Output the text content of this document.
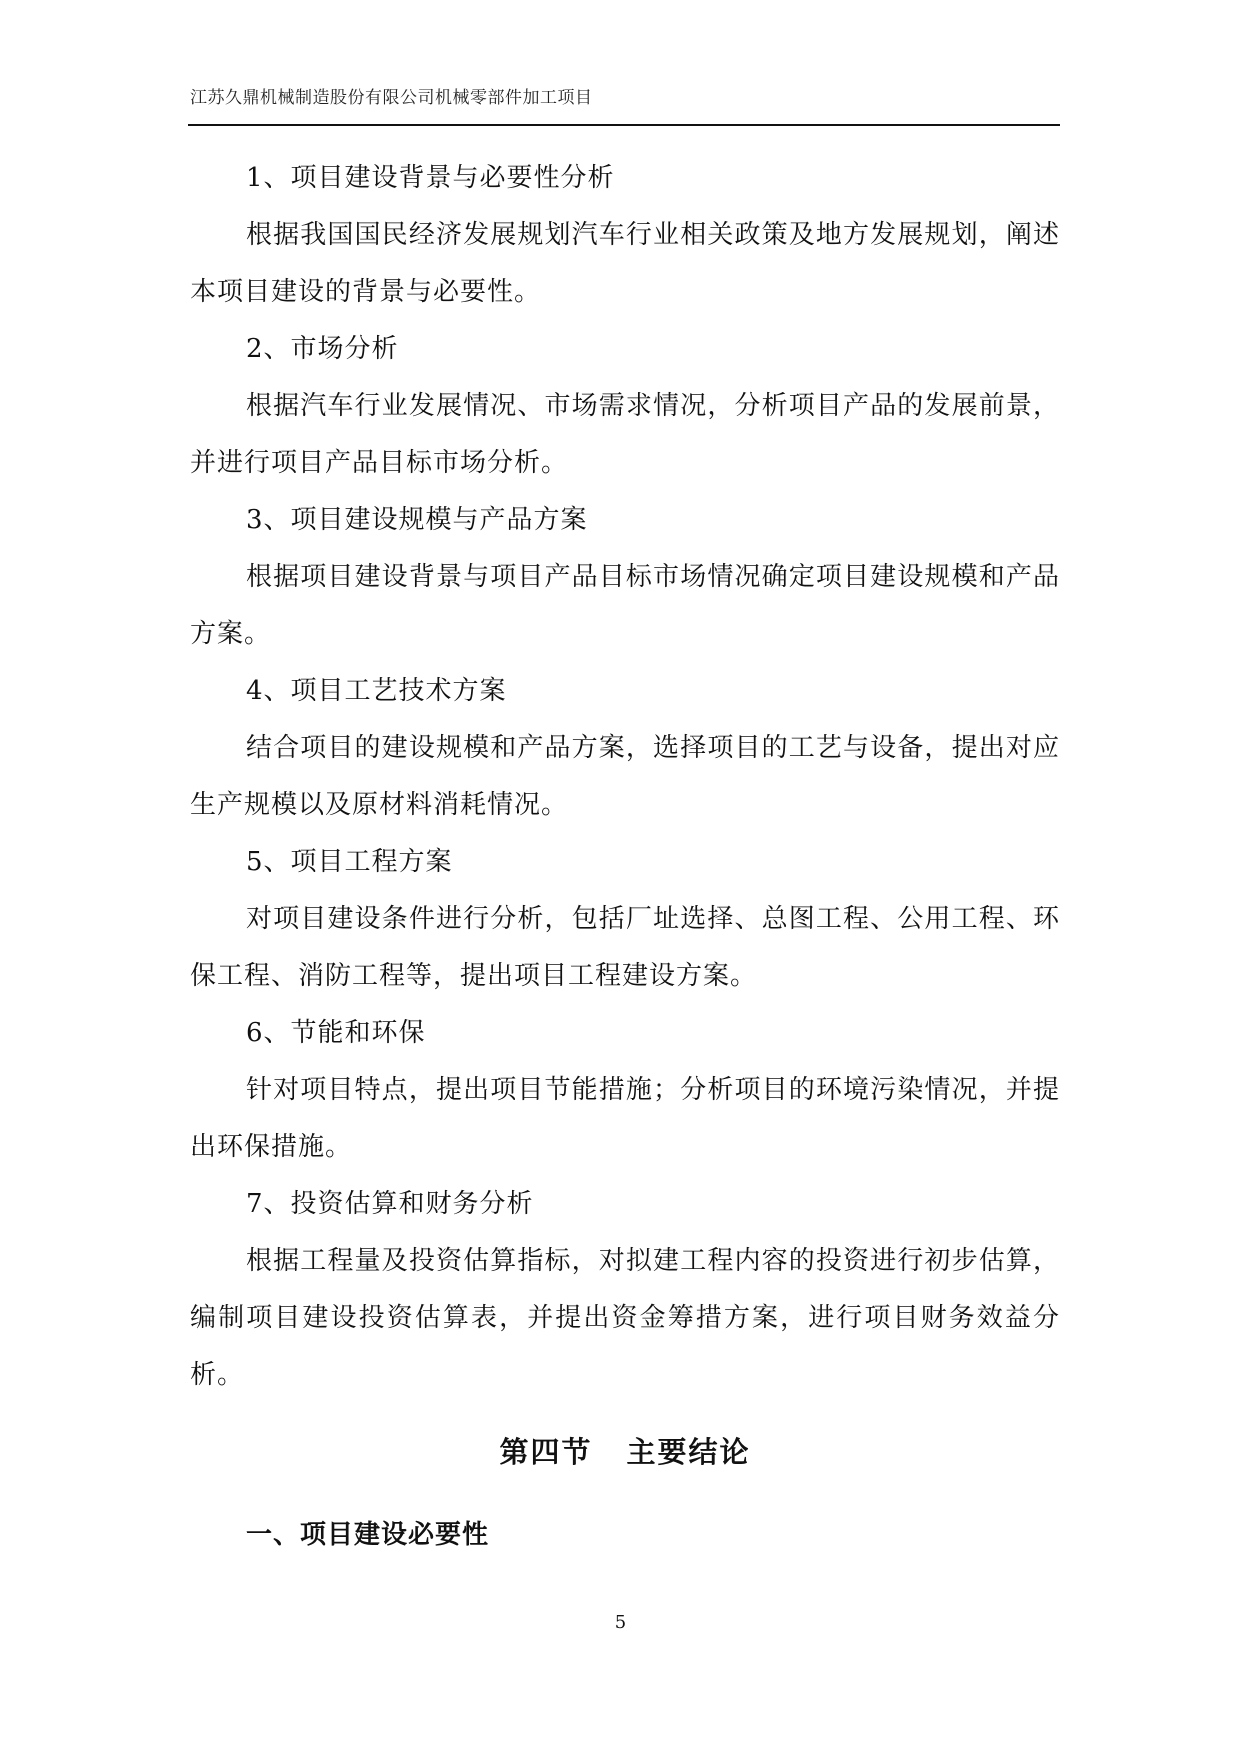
江苏久鼎机械制造股份有限公司机械零部件加工项目

1、项目建设背景与必要性分析

根据我国国民经济发展规划汽车行业相关政策及地方发展规划，阐述本项目建设的背景与必要性。

2、市场分析

根据汽车行业发展情况、市场需求情况，分析项目产品的发展前景，并进行项目产品目标市场分析。

3、项目建设规模与产品方案

根据项目建设背景与项目产品目标市场情况确定项目建设规模和产品方案。

4、项目工艺技术方案

结合项目的建设规模和产品方案，选择项目的工艺与设备，提出对应生产规模以及原材料消耗情况。

5、项目工程方案

对项目建设条件进行分析，包括厂址选择、总图工程、公用工程、环保工程、消防工程等，提出项目工程建设方案。

6、节能和环保

针对项目特点，提出项目节能措施；分析项目的环境污染情况，并提出环保措施。

7、投资估算和财务分析

根据工程量及投资估算指标，对拟建工程内容的投资进行初步估算，编制项目建设投资估算表，并提出资金筹措方案，进行项目财务效益分析。

第四节 主要结论
一、项目建设必要性
5
